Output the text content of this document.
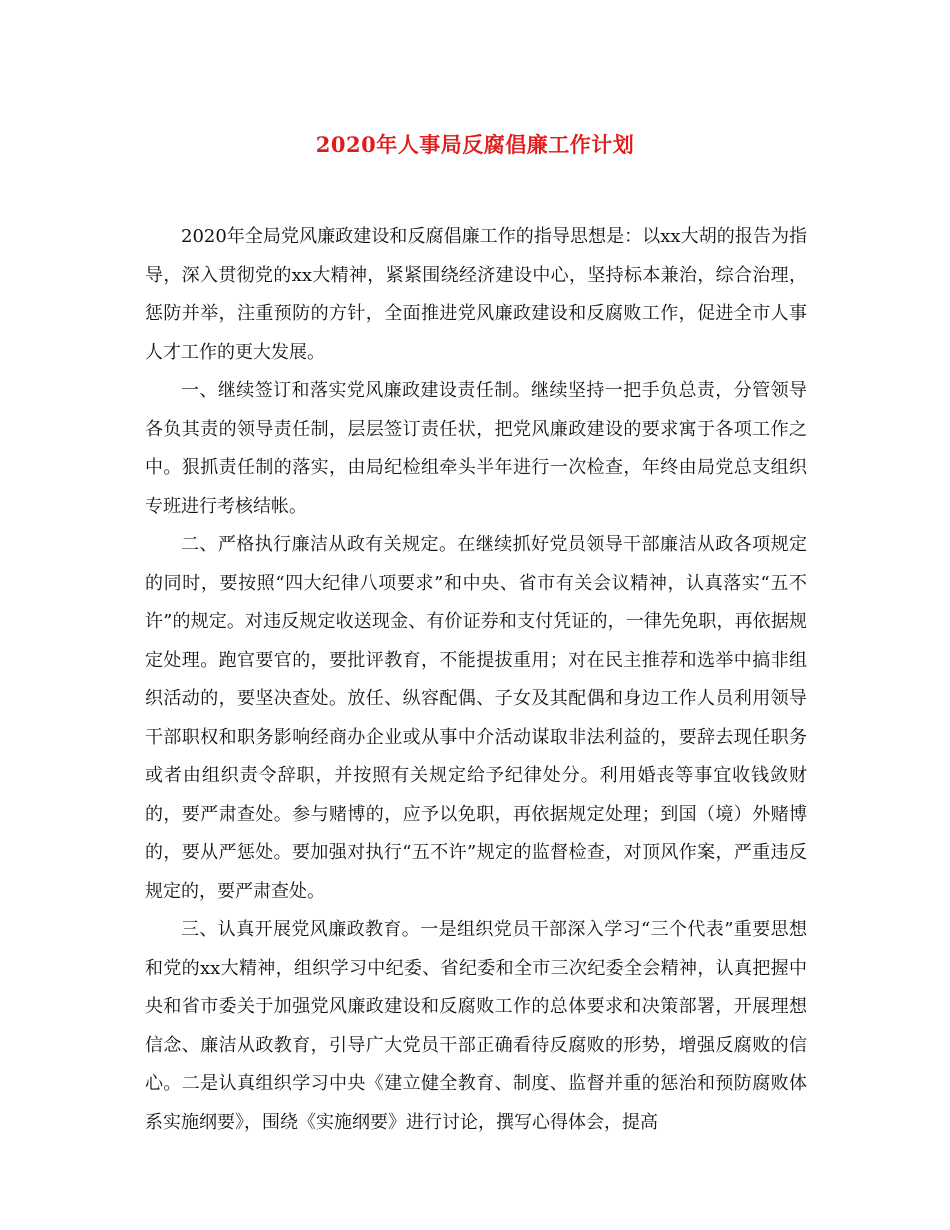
2020年人事局反腐倡廉工作计划

2020年全局党风廉政建设和反腐倡廉工作的指导思想是：以xx大胡的报告为指导，深入贯彻党的xx大精神，紧紧围绕经济建设中心，坚持标本兼治，综合治理，惩防并举，注重预防的方针，全面推进党风廉政建设和反腐败工作，促进全市人事人才工作的更大发展。

一、继续签订和落实党风廉政建设责任制。继续坚持一把手负总责，分管领导各负其责的领导责任制，层层签订责任状，把党风廉政建设的要求寓于各项工作之中。狠抓责任制的落实，由局纪检组牵头半年进行一次检查，年终由局党总支组织专班进行考核结帐。

二、严格执行廉洁从政有关规定。在继续抓好党员领导干部廉洁从政各项规定的同时，要按照“四大纪律八项要求”和中央、省市有关会议精神，认真落实“五不许”的规定。对违反规定收送现金、有价证券和支付凭证的，一律先免职，再依据规定处理。跑官要官的，要批评教育，不能提拔重用；对在民主推荐和选举中搞非组织活动的，要坚决查处。放任、纵容配偶、子女及其配偶和身边工作人员利用领导干部职权和职务影响经商办企业或从事中介活动谋取非法利益的，要辞去现任职务或者由组织责令辞职，并按照有关规定给予纪律处分。利用婚丧等事宜收钱敛财的，要严肃查处。参与赌博的，应予以免职，再依据规定处理；到国（境）外赌博的，要从严惩处。要加强对执行“五不许”规定的监督检查，对顶风作案，严重违反规定的，要严肃查处。

三、认真开展党风廉政教育。一是组织党员干部深入学习“三个代表”重要思想和党的xx大精神，组织学习中纪委、省纪委和全市三次纪委全会精神，认真把握中央和省市委关于加强党风廉政建设和反腐败工作的总体要求和决策部署，开展理想信念、廉洁从政教育，引导广大党员干部正确看待反腐败的形势，增强反腐败的信心。二是认真组织学习中央《建立健全教育、制度、监督并重的惩治和预防腐败体系实施纲要》，围绕《实施纲要》进行讨论，撰写心得体会，提高
